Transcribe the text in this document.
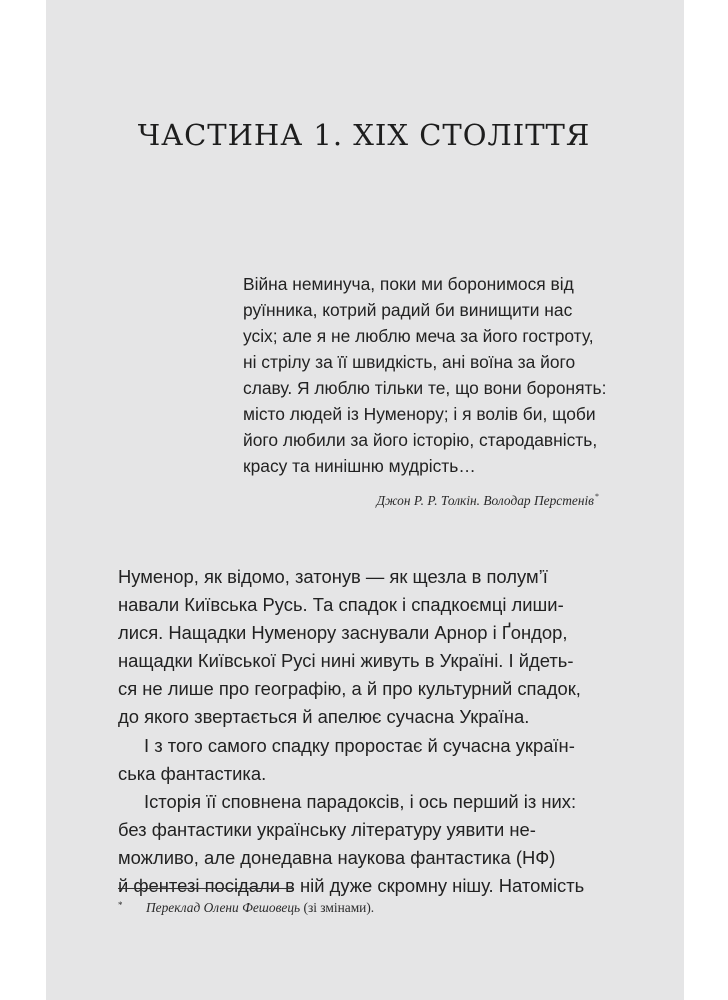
ЧАСТИНА 1. ХІХ СТОЛІТТЯ
Війна неминуча, поки ми боронимося від
руїнника, котрий радий би винищити нас
усіх; але я не люблю меча за його гостроту,
ні стрілу за її швидкість, ані воїна за його
славу. Я люблю тільки те, що вони боронять:
місто людей із Нуменору; і я волів би, щоби
його любили за його історію, стародавність,
красу та нинішню мудрість…
Джон Р. Р. Толкін. Володар Перстенів*
Нуменор, як відомо, затонув — як щезла в полум’ї
навали Київська Русь. Та спадок і спадкоємці лиши-
лися. Нащадки Нуменору заснували Арнор і Ґондор,
нащадки Київської Русі нині живуть в Україні. І йдеть-
ся не лише про географію, а й про культурний спадок,
до якого звертається й апелює сучасна Україна.
І з того самого спадку проростає й сучасна україн-
ська фантастика.
Історія її сповнена парадоксів, і ось перший із них:
без фантастики українську літературу уявити не-
можливо, але донедавна наукова фантастика (НФ)
й фентезі посідали в ній дуже скромну нішу. Натомість
* Переклад Олени Фешовець (зі змінами).
